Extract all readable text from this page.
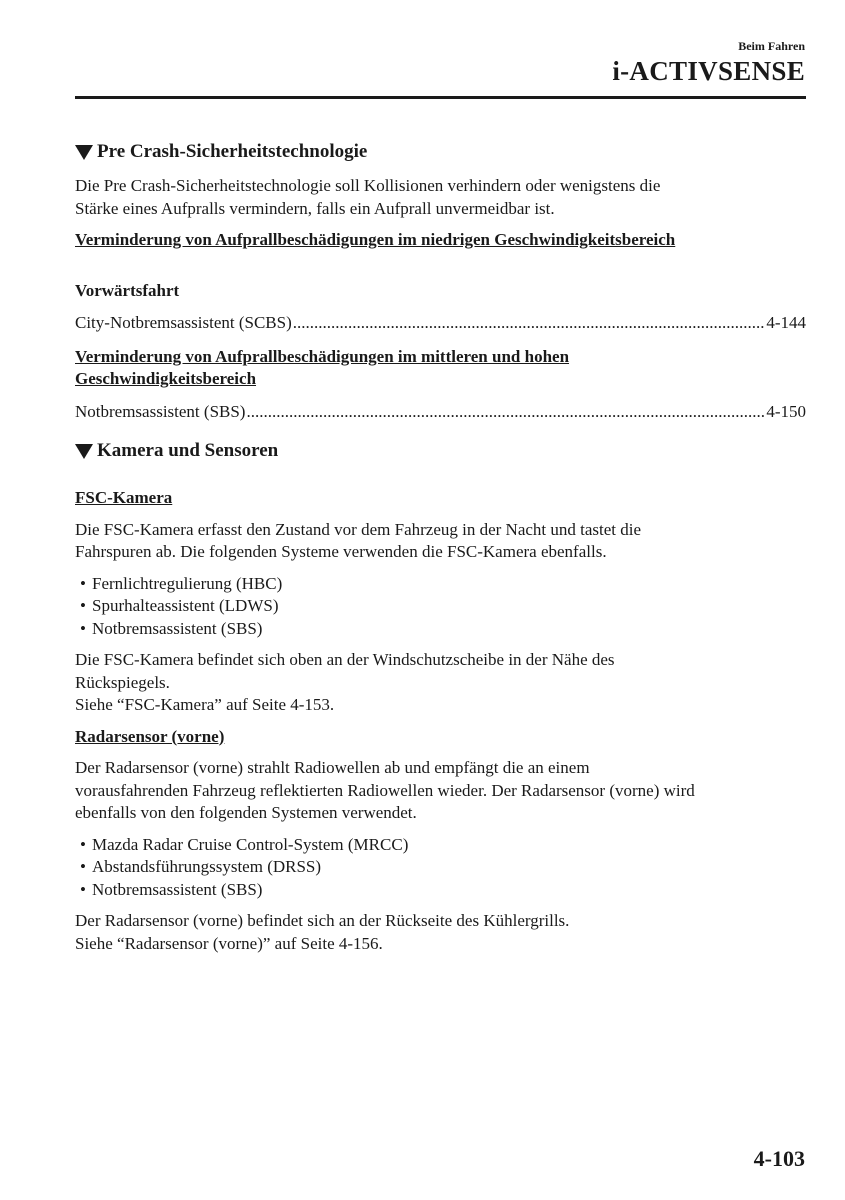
Beim Fahren
i-ACTIVSENSE
Pre Crash-Sicherheitstechnologie

Die Pre Crash-Sicherheitstechnologie soll Kollisionen verhindern oder wenigstens die
Stärke eines Aufpralls vermindern, falls ein Aufprall unvermeidbar ist.

Verminderung von Aufprallbeschädigungen im niedrigen Geschwindigkeitsbereich

Vorwärtsfahrt

City-Notbremsassistent (SCBS) .....	4-144

Verminderung von Aufprallbeschädigungen im mittleren und hohen
Geschwindigkeitsbereich

Notbremsassistent (SBS) .....	4-150
Kamera und Sensoren

FSC-Kamera

Die FSC-Kamera erfasst den Zustand vor dem Fahrzeug in der Nacht und tastet die
Fahrspuren ab. Die folgenden Systeme verwenden die FSC-Kamera ebenfalls.

• Fernlichtregulierung (HBC)
• Spurhalteassistent (LDWS)
• Notbremsassistent (SBS)

Die FSC-Kamera befindet sich oben an der Windschutzscheibe in der Nähe des
Rückspiegels.
Siehe “FSC-Kamera” auf Seite 4-153.

Radarsensor (vorne)

Der Radarsensor (vorne) strahlt Radiowellen ab und empfängt die an einem
vorausfahrenden Fahrzeug reflektierten Radiowellen wieder. Der Radarsensor (vorne) wird
ebenfalls von den folgenden Systemen verwendet.

• Mazda Radar Cruise Control-System (MRCC)
• Abstandsführungssystem (DRSS)
• Notbremsassistent (SBS)

Der Radarsensor (vorne) befindet sich an der Rückseite des Kühlergrills.
Siehe “Radarsensor (vorne)” auf Seite 4-156.

4-103
